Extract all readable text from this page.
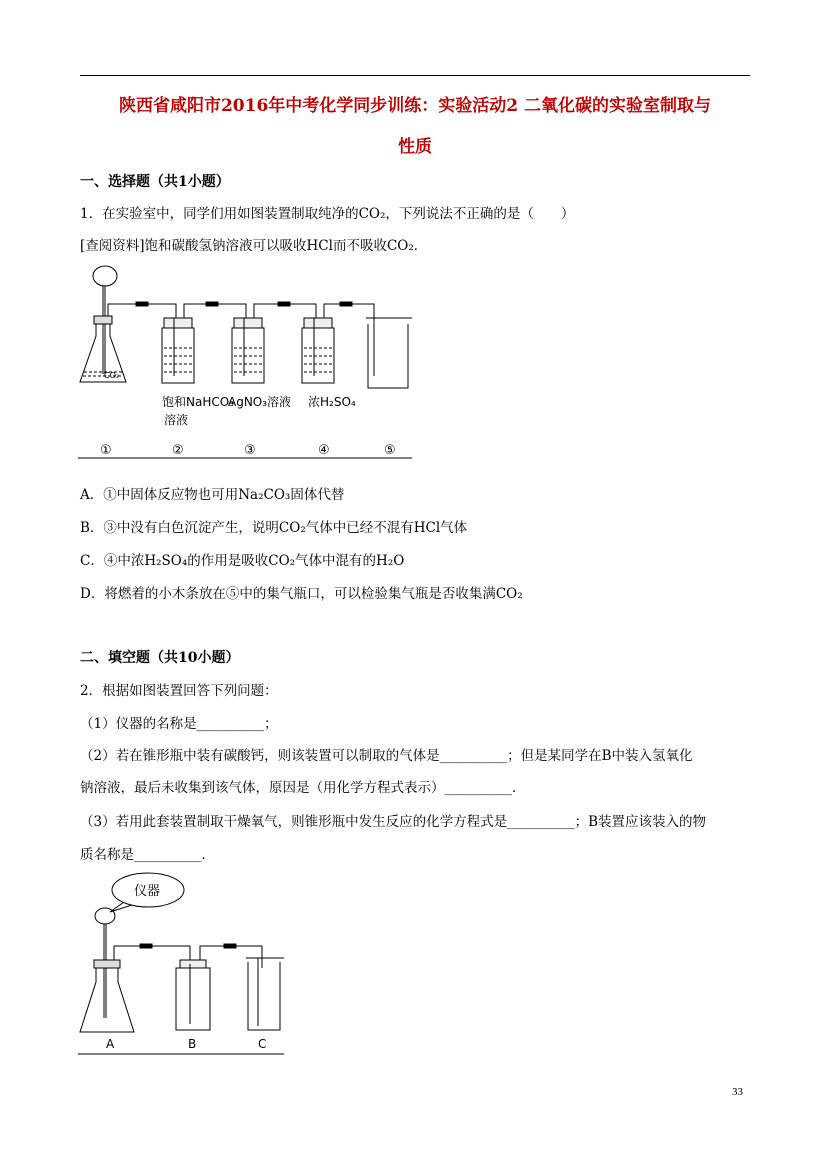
陕西省咸阳市2016年中考化学同步训练：实验活动2 二氧化碳的实验室制取与
性质
一、选择题（共1小题）
1．在实验室中，同学们用如图装置制取纯净的CO₂，下列说法不正确的是（　　）
[查阅资料]饱和碳酸氢钠溶液可以吸收HCl而不吸收CO₂．
CO₂
饱和NaHCO₃
溶液
AgNO₃溶液 浓H₂SO₄
①	②	③	④	⑤
A．①中固体反应物也可用Na₂CO₃固体代替
B．③中没有白色沉淀产生，说明CO₂气体中已经不混有HCl气体
C．④中浓H₂SO₄的作用是吸收CO₂气体中混有的H₂O
D．将燃着的小木条放在⑤中的集气瓶口，可以检验集气瓶是否收集满CO₂
二、填空题（共10小题）
2．根据如图装置回答下列问题：
（1）仪器的名称是__________；
（2）若在锥形瓶中装有碳酸钙，则该装置可以制取的气体是__________；但是某同学在B中装入氢氧化
钠溶液，最后未收集到该气体，原因是（用化学方程式表示）__________．
（3）若用此套装置制取干燥氧气，则锥形瓶中发生反应的化学方程式是__________；B装置应该装入的物
质名称是__________．
仪器
A	B	C
33
